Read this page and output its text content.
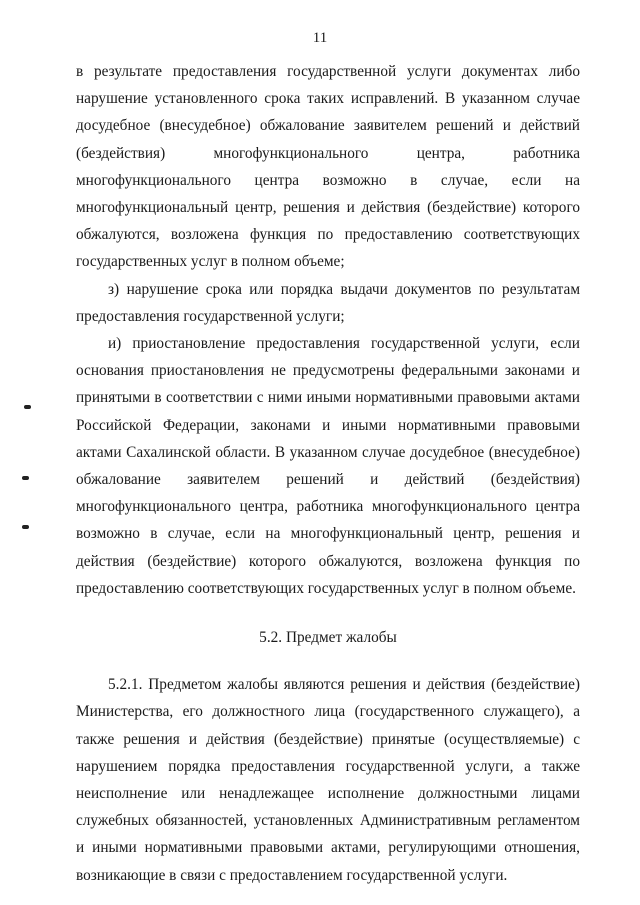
11

в результате предоставления государственной услуги документах либо нарушение установленного срока таких исправлений. В указанном случае досудебное (внесудебное) обжалование заявителем решений и действий (бездействия) многофункционального центра, работника многофункционального центра возможно в случае, если на многофункциональный центр, решения и действия (бездействие) которого обжалуются, возложена функция по предоставлению соответствующих государственных услуг в полном объеме;

з) нарушение срока или порядка выдачи документов по результатам предоставления государственной услуги;

и) приостановление предоставления государственной услуги, если основания приостановления не предусмотрены федеральными законами и принятыми в соответствии с ними иными нормативными правовыми актами Российской Федерации, законами и иными нормативными правовыми актами Сахалинской области. В указанном случае досудебное (внесудебное) обжалование заявителем решений и действий (бездействия) многофункционального центра, работника многофункционального центра возможно в случае, если на многофункциональный центр, решения и действия (бездействие) которого обжалуются, возложена функция по предоставлению соответствующих государственных услуг в полном объеме.

5.2. Предмет жалобы

5.2.1. Предметом жалобы являются решения и действия (бездействие) Министерства, его должностного лица (государственного служащего), а также решения и действия (бездействие) принятые (осуществляемые) с нарушением порядка предоставления государственной услуги, а также неисполнение или ненадлежащее исполнение должностными лицами служебных обязанностей, установленных Административным регламентом и иными нормативными правовыми актами, регулирующими отношения, возникающие в связи с предоставлением государственной услуги.
